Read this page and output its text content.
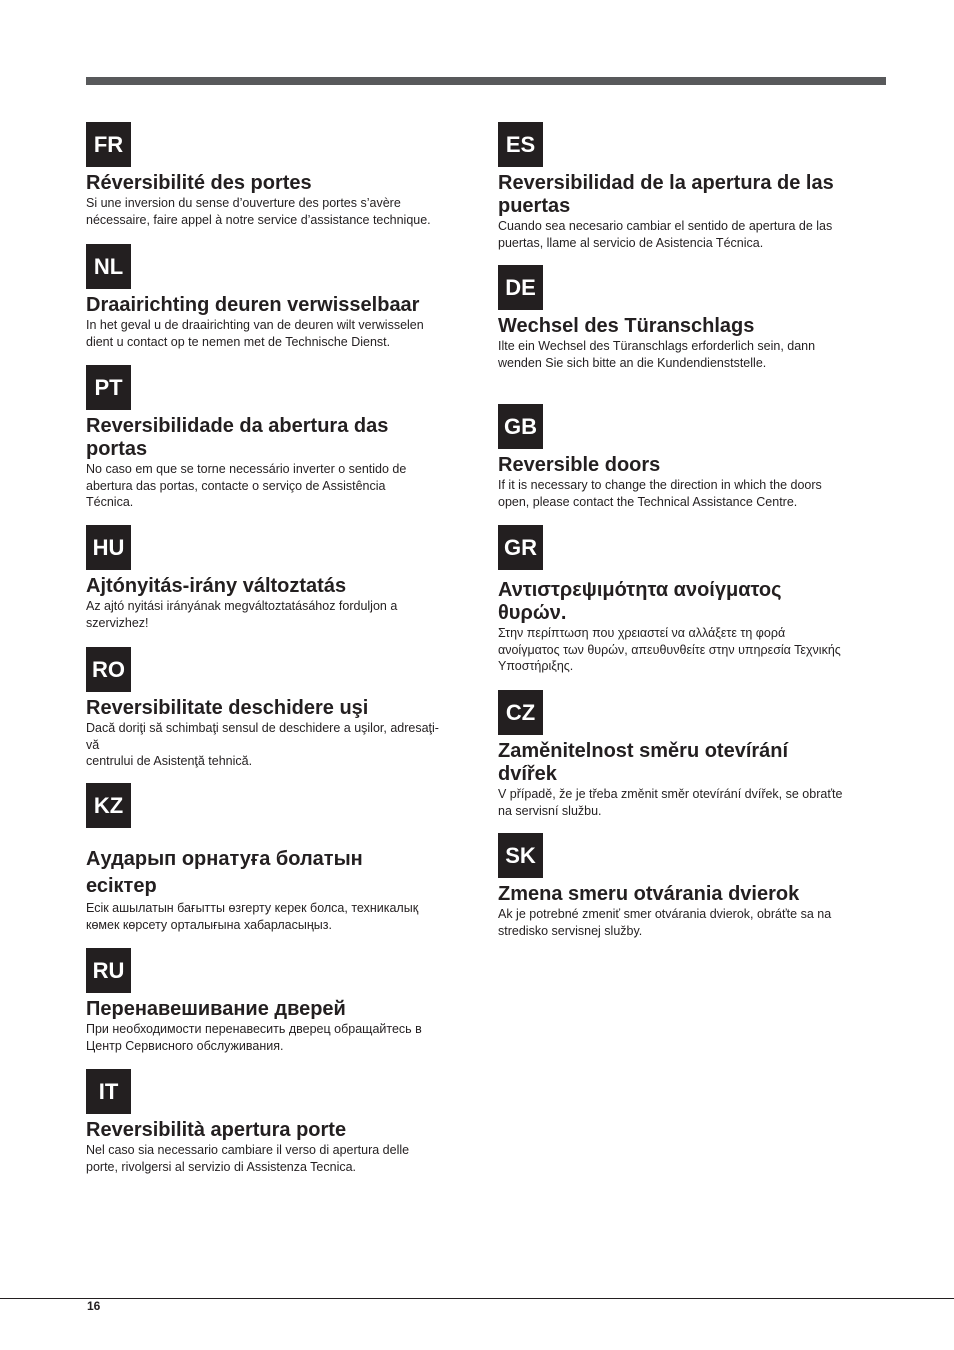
FR

Réversibilité des portes

Si une inversion du sense d’ouverture des portes s’avère
nécessaire, faire appel à notre service d’assistance technique.

NL

Draairichting deuren verwisselbaar

In het geval u de draairichting van de deuren wilt verwisselen
dient u contact op te nemen met de Technische Dienst.

PT

Reversibilidade da abertura das
portas

No caso em que se torne necessário inverter o sentido de
abertura das portas, contacte o serviço de Assistência
Técnica.

HU

Ajtónyitás-irány változtatás

Az ajtó nyitási irányának megváltoztatásához forduljon a
szervizhez!

RO

Reversibilitate deschidere uşi

Dacă doriţi să schimbaţi sensul de deschidere a uşilor, adresaţi-
vă
centrului de Asistenţă tehnică.

KZ

Аударып орнатуға болатын
есіктер

Есік ашылатын бағытты өзгерту керек болса, техникалық
көмек көрсету орталығына хабарласыңыз.

RU

Перенавешивание дверей

При необходимости перенавесить дверец обращайтесь в
Центр Сервисного обслуживания.

IT

Reversibilità apertura porte

Nel caso sia necessario cambiare il verso di apertura delle
porte, rivolgersi al servizio di Assistenza Tecnica.

ES

Reversibilidad de la apertura de las
puertas

Cuando sea necesario cambiar el sentido de apertura de las
puertas, llame al servicio de Asistencia Técnica.

DE

Wechsel des Türanschlags

Ilte ein Wechsel des Türanschlags erforderlich sein, dann
wenden Sie sich bitte an die Kundendienststelle.

GB

Reversible doors

If it is necessary to change the direction in which the doors
open, please contact the Technical Assistance Centre.

GR

Αντιστρεψιμότητα ανοίγματος
θυρών.

Στην περίπτωση που χρειαστεί να αλλάξετε τη φορά
ανοίγματος των θυρών, απευθυνθείτε στην υπηρεσία Τεχνικής
Υποστήριξης.

CZ

Zaměnitelnost směru otevírání
dvířek

V případě, že je třeba změnit směr otevírání dvířek, se obraťte
na servisní službu.

SK

Zmena smeru otvárania dvierok

Ak je potrebné zmeniť smer otvárania dvierok, obráťte sa na
stredisko servisnej služby.

16
